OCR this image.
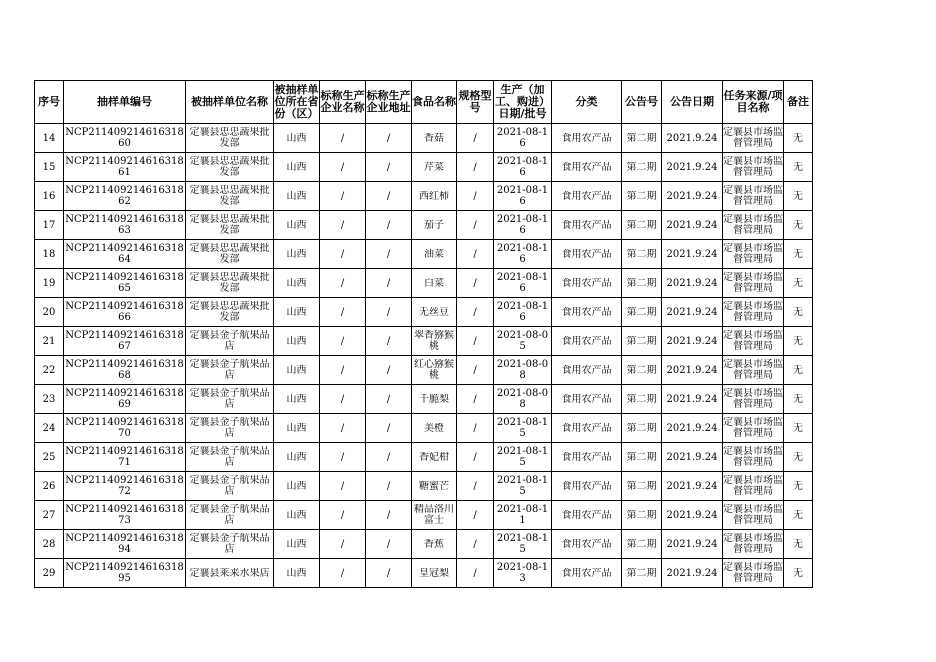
序号	抽样单编号	被抽样单位名称	被抽样单位所在省份（区）	标称生产企业名称	标称生产企业地址	食品名称	规格型号	生产（加工、购进）日期/批号	分类	公告号	公告日期	任务来源/项目名称	备注

14	NCP21140921461631860	定襄县忠忠蔬果批发部	山西	/	/	香菇	/	2021-08-16	食用农产品	第二期	2021.9.24	定襄县市场监督管理局	无

15	NCP21140921461631861	定襄县忠忠蔬果批发部	山西	/	/	芹菜	/	2021-08-16	食用农产品	第二期	2021.9.24	定襄县市场监督管理局	无

16	NCP21140921461631862	定襄县忠忠蔬果批发部	山西	/	/	西红柿	/	2021-08-16	食用农产品	第二期	2021.9.24	定襄县市场监督管理局	无

17	NCP21140921461631863	定襄县忠忠蔬果批发部	山西	/	/	茄子	/	2021-08-16	食用农产品	第二期	2021.9.24	定襄县市场监督管理局	无

18	NCP21140921461631864	定襄县忠忠蔬果批发部	山西	/	/	油菜	/	2021-08-16	食用农产品	第二期	2021.9.24	定襄县市场监督管理局	无

19	NCP21140921461631865	定襄县忠忠蔬果批发部	山西	/	/	白菜	/	2021-08-16	食用农产品	第二期	2021.9.24	定襄县市场监督管理局	无

20	NCP21140921461631866	定襄县忠忠蔬果批发部	山西	/	/	无丝豆	/	2021-08-16	食用农产品	第二期	2021.9.24	定襄县市场监督管理局	无

21	NCP21140921461631867	定襄县金子航果品店	山西	/	/	翠香猕猴桃	/	2021-08-05	食用农产品	第二期	2021.9.24	定襄县市场监督管理局	无

22	NCP21140921461631868	定襄县金子航果品店	山西	/	/	红心猕猴桃	/	2021-08-08	食用农产品	第二期	2021.9.24	定襄县市场监督管理局	无

23	NCP21140921461631869	定襄县金子航果品店	山西	/	/	千脆梨	/	2021-08-08	食用农产品	第二期	2021.9.24	定襄县市场监督管理局	无

24	NCP21140921461631870	定襄县金子航果品店	山西	/	/	美橙	/	2021-08-15	食用农产品	第二期	2021.9.24	定襄县市场监督管理局	无

25	NCP21140921461631871	定襄县金子航果品店	山西	/	/	香妃柑	/	2021-08-15	食用农产品	第二期	2021.9.24	定襄县市场监督管理局	无

26	NCP21140921461631872	定襄县金子航果品店	山西	/	/	糖蜜芒	/	2021-08-15	食用农产品	第二期	2021.9.24	定襄县市场监督管理局	无

27	NCP21140921461631873	定襄县金子航果品店	山西	/	/	精品洛川富士	/	2021-08-11	食用农产品	第二期	2021.9.24	定襄县市场监督管理局	无

28	NCP21140921461631894	定襄县金子航果品店	山西	/	/	香蕉	/	2021-08-15	食用农产品	第二期	2021.9.24	定襄县市场监督管理局	无

29	NCP21140921461631895	定襄县莱来水果店	山西	/	/	皇冠梨	/	2021-08-13	食用农产品	第二期	2021.9.24	定襄县市场监督管理局	无
